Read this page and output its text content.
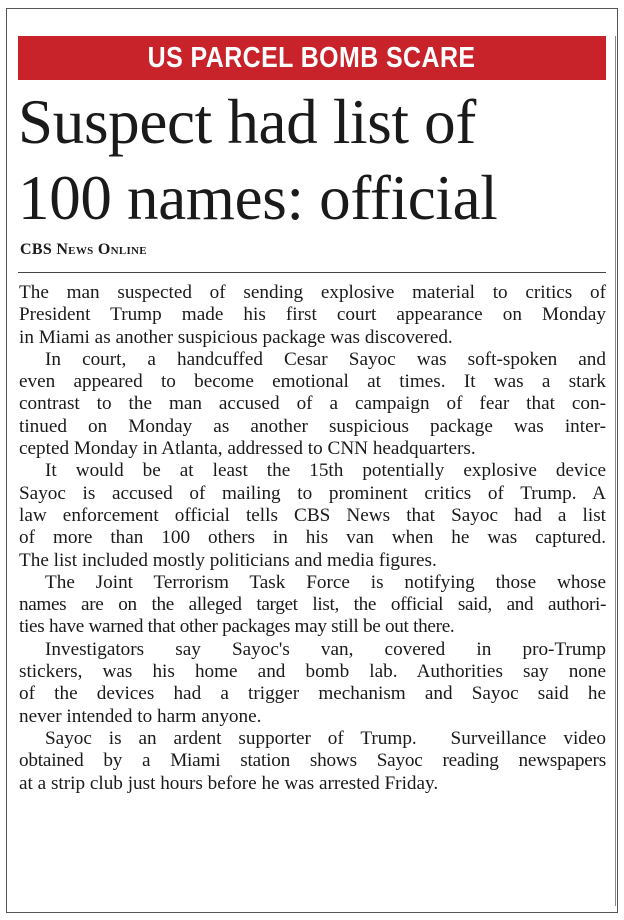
US PARCEL BOMB SCARE
Suspect had list of
100 names: official
CBS News Online

The man suspected of sending explosive material to critics of
President Trump made his first court appearance on Monday
in Miami as another suspicious package was discovered.

In court, a handcuffed Cesar Sayoc was soft-spoken and
even appeared to become emotional at times. It was a stark
contrast to the man accused of a campaign of fear that con-
tinued on Monday as another suspicious package was inter-
cepted Monday in Atlanta, addressed to CNN headquarters.

It would be at least the 15th potentially explosive device
Sayoc is accused of mailing to prominent critics of Trump. A
law enforcement official tells CBS News that Sayoc had a list
of more than 100 others in his van when he was captured.
The list included mostly politicians and media figures.

The Joint Terrorism Task Force is notifying those whose
names are on the alleged target list, the official said, and authori-
ties have warned that other packages may still be out there.

Investigators say Sayoc's van, covered in pro-Trump
stickers, was his home and bomb lab. Authorities say none
of the devices had a trigger mechanism and Sayoc said he
never intended to harm anyone.

Sayoc is an ardent supporter of Trump.  Surveillance video
obtained by a Miami station shows Sayoc reading newspapers
at a strip club just hours before he was arrested Friday.
